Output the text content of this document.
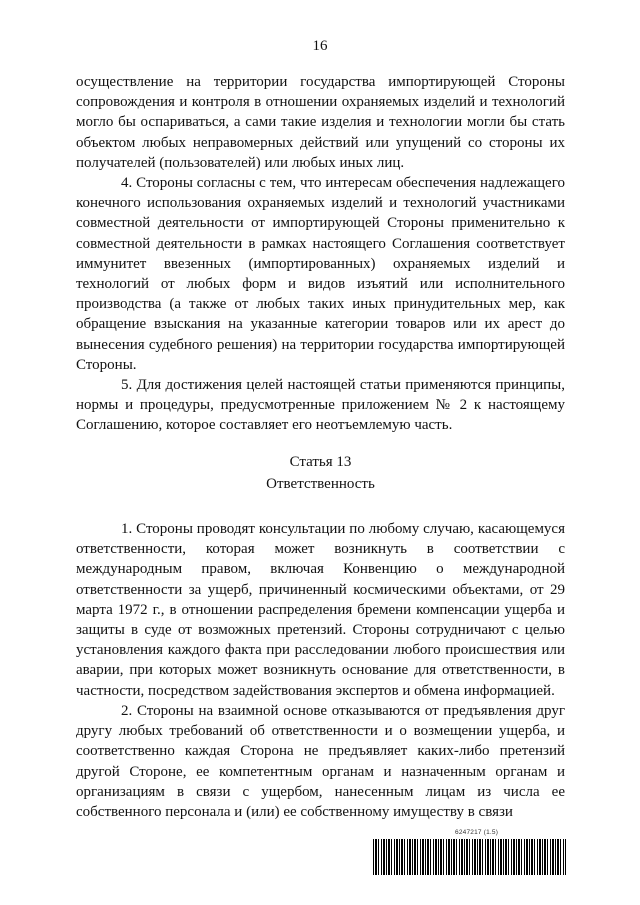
16

осуществление на территории государства импортирующей Стороны сопровождения и контроля в отношении охраняемых изделий и технологий могло бы оспариваться, а сами такие изделия и технологии могли бы стать объектом любых неправомерных действий или упущений со стороны их получателей (пользователей) или любых иных лиц.

4. Стороны согласны с тем, что интересам обеспечения надлежащего конечного использования охраняемых изделий и технологий участниками совместной деятельности от импортирующей Стороны применительно к совместной деятельности в рамках настоящего Соглашения соответствует иммунитет ввезенных (импортированных) охраняемых изделий и технологий от любых форм и видов изъятий или исполнительного производства (а также от любых таких иных принудительных мер, как обращение взыскания на указанные категории товаров или их арест до вынесения судебного решения) на территории государства импортирующей Стороны.

5. Для достижения целей настоящей статьи применяются принципы, нормы и процедуры, предусмотренные приложением № 2 к настоящему Соглашению, которое составляет его неотъемлемую часть.

Статья 13
Ответственность

1. Стороны проводят консультации по любому случаю, касающемуся ответственности, которая может возникнуть в соответствии с международным правом, включая Конвенцию о международной ответственности за ущерб, причиненный космическими объектами, от 29 марта 1972 г., в отношении распределения бремени компенсации ущерба и защиты в суде от возможных претензий. Стороны сотрудничают с целью установления каждого факта при расследовании любого происшествия или аварии, при которых может возникнуть основание для ответственности, в частности, посредством задействования экспертов и обмена информацией.

2. Стороны на взаимной основе отказываются от предъявления друг другу любых требований об ответственности и о возмещении ущерба, и соответственно каждая Сторона не предъявляет каких-либо претензий другой Стороне, ее компетентным органам и назначенным органам и организациям в связи с ущербом, нанесенным лицам из числа ее собственного персонала и (или) ее собственному имуществу в связи

6247217 (1.5)
